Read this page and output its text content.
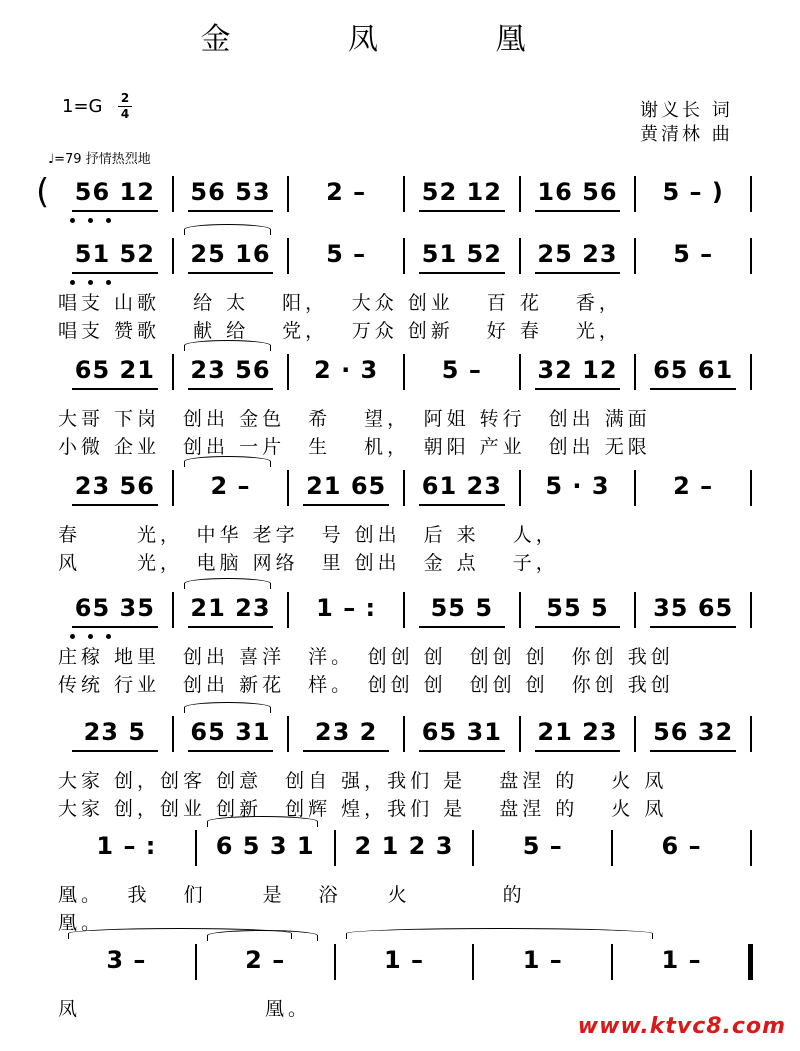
金 凤 凰
1=G 2
4	谢义长 词
黄清林 曲
♩=79 抒情热烈地
(	56 12	56 53	2 –	52 12	16 56	5 – )
51 52	25 16	5 –	51 52	25 23	5 –
唱支 山歌　 给 太　 阳，　 大众 创业　 百 花　 香，
唱支 赞歌　 献 给　 党，　 万众 创新　 好 春　 光，
65 21	23 56	2 · 3	5 –	32 12	65 61
大哥 下岗　创出 金色　希　 望，　阿姐 转行　创出 满面
小微 企业　创出 一片　生　 机，　朝阳 产业　创出 无限
23 56	2 –	21 65	61 23	5 · 3	2 –
春　　 光，　中华 老字　号 创出　后 来　 人，
风　　 光，　电脑 网络　里 创出　金 点　 子，
65 35	21 23	1 – :	55 5	55 5	35 65
庄稼 地里　创出 喜洋　洋。　创创 创　创创 创　你创 我创
传统 行业　创出 新花　样。　创创 创　创创 创　你创 我创
23 5	65 31	23 2	65 31	21 23	56 32
大家 创，创客 创意　创自 强，我们 是　 盘涅 的　 火 凤
大家 创，创业 创新　创辉 煌，我们 是　 盘涅 的　 火 凤
1 – :	6 5 3 1	2 1 2 3	5 –	6 –
凰。　 我　 们　　 是　 浴　　火　　　　的
凰。
3 –	2 –	1 –	1 –	1 –
凤　　　　　　　　凰。
www.ktvc8.com
